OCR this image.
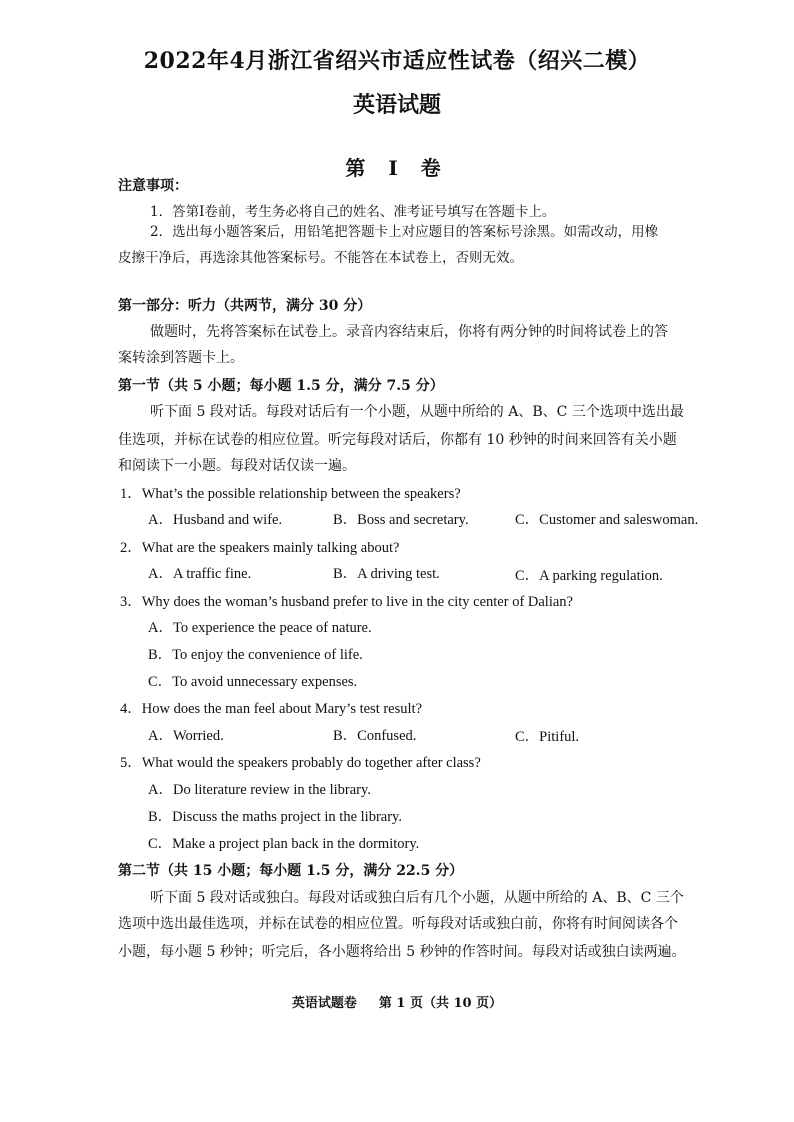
2022年4月浙江省绍兴市适应性试卷（绍兴二模）
英语试题
第 I 卷
注意事项：
1．答第Ⅰ卷前，考生务必将自己的姓名、准考证号填写在答题卡上。
2．选出每小题答案后，用铅笔把答题卡上对应题目的答案标号涂黑。如需改动，用橡
皮擦干净后，再选涂其他答案标号。不能答在本试卷上，否则无效。
第一部分：听力（共两节，满分 30 分）
做题时，先将答案标在试卷上。录音内容结束后，你将有两分钟的时间将试卷上的答
案转涂到答题卡上。
第一节（共 5 小题；每小题 1.5 分，满分 7.5 分）
听下面 5 段对话。每段对话后有一个小题，从题中所给的 A、B、C 三个选项中选出最
佳选项，并标在试卷的相应位置。听完每段对话后，你都有 10 秒钟的时间来回答有关小题
和阅读下一小题。每段对话仅读一遍。
1．What’s the possible relationship between the speakers?
A．Husband and wife.	B．Boss and secretary.	C．Customer and saleswoman.
2．What are the speakers mainly talking about?
A．A traffic fine.	B．A driving test.	C．A parking regulation.
3．Why does the woman’s husband prefer to live in the city center of Dalian?
A．To experience the peace of nature.
B．To enjoy the convenience of life.
C．To avoid unnecessary expenses.
4．How does the man feel about Mary’s test result?
A．Worried.	B．Confused.	C．Pitiful.
5．What would the speakers probably do together after class?
A．Do literature review in the library.
B．Discuss the maths project in the library.
C．Make a project plan back in the dormitory.
第二节（共 15 小题；每小题 1.5 分，满分 22.5 分）
听下面 5 段对话或独白。每段对话或独白后有几个小题，从题中所给的 A、B、C 三个
选项中选出最佳选项，并标在试卷的相应位置。听每段对话或独白前，你将有时间阅读各个
小题，每小题 5 秒钟；听完后，各小题将给出 5 秒钟的作答时间。每段对话或独白读两遍。
英语试题卷 第 1 页（共 10 页）
